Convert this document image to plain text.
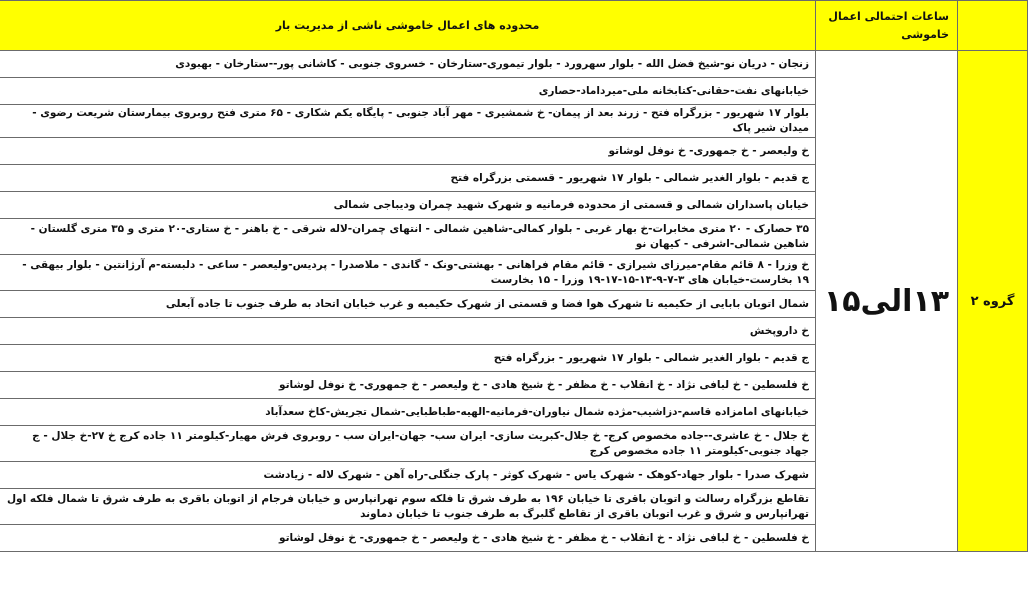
	ساعات احتمالی اعمال خاموشی	محدوده های اعمال خاموشی ناشی از مدیریت بار
گروه ۲	۱۳الی۱۵	زنجان - دریان نو-شیخ فضل الله - بلوار سهرورد - بلوار تیموری-ستارخان - خسروی جنوبی - کاشانی پور--ستارخان - بهبودی
		خیابانهای نفت-حقانی-کتابخانه ملی-میرداماد-حصاری
		بلوار ۱۷ شهریور - بزرگراه فتح - زرند بعد از پیمان- خ شمشیری - مهر آباد جنوبی - پایگاه یکم شکاری - ۶۵ متری فتح روبروی بیمارستان شریعت رضوی - میدان شیر پاک
		خ ولیعصر - خ جمهوری- خ نوفل لوشاتو
		ج قدیم - بلوار الغدیر شمالی - بلوار ۱۷ شهریور - قسمتی بزرگراه فتح
		خیابان پاسداران شمالی و قسمتی از محدوده فرمانیه و شهرک شهید چمران ودیباجی شمالی
		۳۵ حصارک - ۲۰ متری مخابرات-خ بهار غربی - بلوار کمالی-شاهین شمالی - انتهای چمران-لاله شرقی - خ باهنر - خ ستاری-۲۰ متری و ۳۵ متری گلستان - شاهین شمالی-اشرفی - کیهان نو
		خ وزرا - ۸ قائم مقام-میرزای شیرازی - قائم مقام فراهانی - بهشتی-ونک - گاندی - ملاصدرا - پردیس-ولیعصر - ساعی - دلبسته-م آرژانتین - بلوار بیهقی - ۱۹ بخارست-خیابان های ۳-۷-۹-۱۳-۱۵-۱۷-۱۹ وزرا - ۱۵ بخارست
		شمال اتوبان بابایی از حکیمیه تا شهرک هوا فضا و قسمتی از شهرک حکیمیه و غرب خیابان اتحاد به طرف جنوب تا جاده آبعلی
		خ داروپخش
		ج قدیم - بلوار الغدیر شمالی - بلوار ۱۷ شهریور - بزرگراه فتح
		خ فلسطین - خ لبافی نژاد - خ انقلاب - خ مظفر - خ شیخ هادی - خ ولیعصر - خ جمهوری- خ نوفل لوشاتو
		خیابانهای امامزاده قاسم-دزاشیب-مژده شمال نیاوران-فرمانیه-الهیه-طباطبایی-شمال تجریش-کاخ سعدآباد
		خ جلال - خ عاشری--جاده مخصوص کرج- خ جلال-کبریت سازی- ایران سب- جهان-ایران سب - روبروی فرش مهیار-کیلومتر ۱۱ جاده کرج خ ۲۷-خ جلال - ج جهاد جنوبی-کیلومتر ۱۱ جاده مخصوص کرج
		شهرک صدرا - بلوار جهاد-کوهک - شهرک یاس - شهرک کوثر - پارک جنگلی-راه آهن - شهرک لاله - زیادشت
		تقاطع بزرگراه رسالت و اتوبان باقری تا خیابان ۱۹۶ به طرف شرق تا فلکه سوم تهرانپارس و خیابان فرجام از اتوبان باقری به طرف شرق تا شمال فلکه اول تهرانپارس و شرق و غرب اتوبان باقری از تقاطع گلبرگ به طرف جنوب تا خیابان دماوند
		خ فلسطین - خ لبافی نژاد - خ انقلاب - خ مظفر - خ شیخ هادی - خ ولیعصر - خ جمهوری- خ نوفل لوشاتو
